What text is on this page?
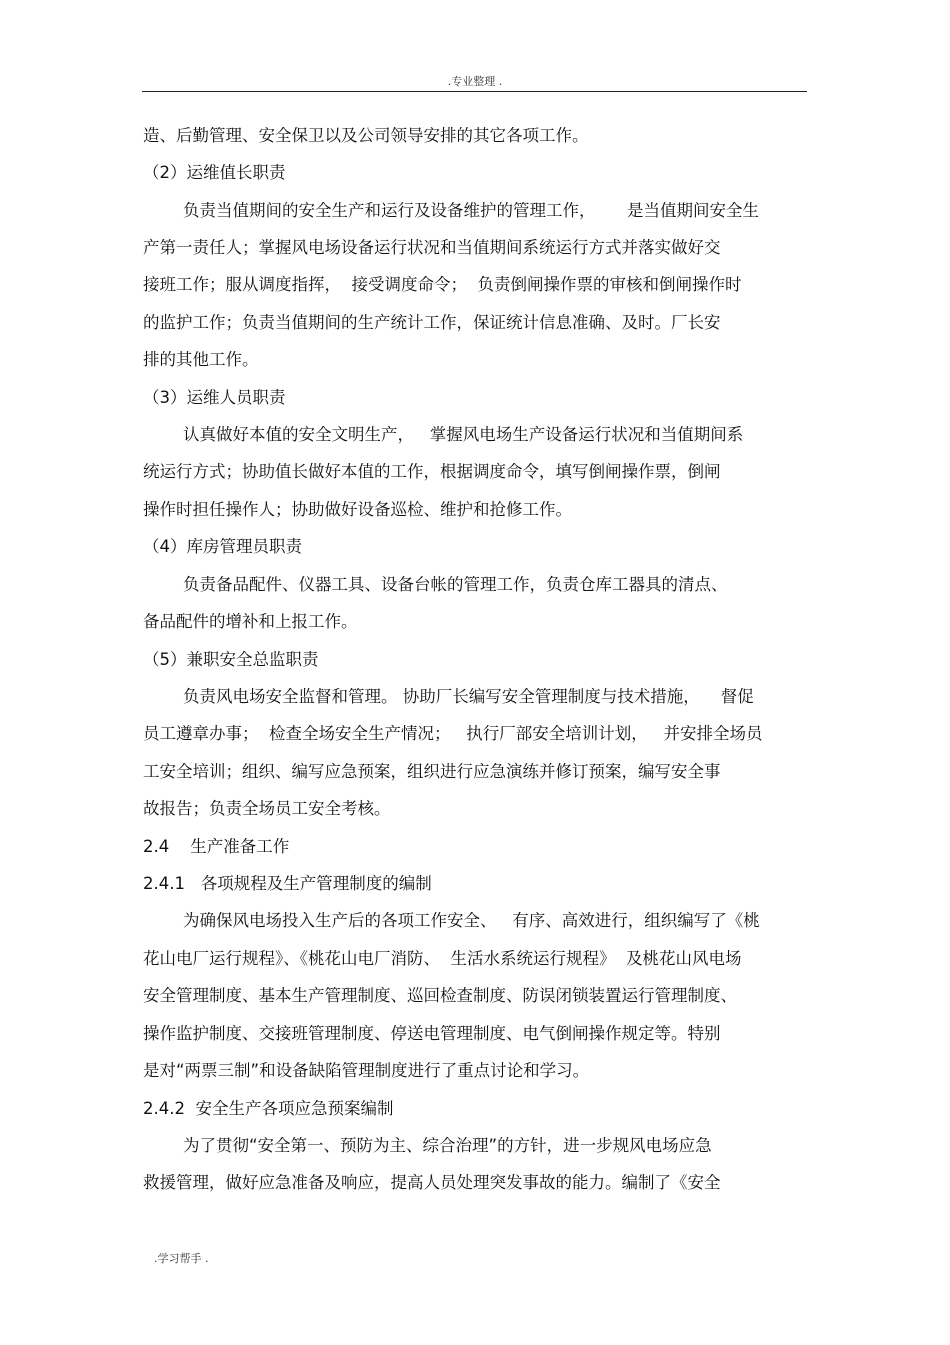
.专业整理 .
造、后勤管理、安全保卫以及公司领导安排的其它各项工作。
（2）运维值长职责
负责当值期间的安全生产和运行及设备维护的管理工作，      是当值期间安全生
产第一责任人；掌握风电场设备运行状况和当值期间系统运行方式并落实做好交
接班工作；服从调度指挥，  接受调度命令；  负责倒闸操作票的审核和倒闸操作时
的监护工作；负责当值期间的生产统计工作，保证统计信息准确、及时。厂长安
排的其他工作。
（3）运维人员职责
认真做好本值的安全文明生产，   掌握风电场生产设备运行状况和当值期间系
统运行方式；协助值长做好本值的工作，根据调度命令，填写倒闸操作票，倒闸
操作时担任操作人；协助做好设备巡检、维护和抢修工作。
（4）库房管理员职责
负责备品配件、仪器工具、设备台帐的管理工作，负责仓库工器具的清点、
备品配件的增补和上报工作。
（5）兼职安全总监职责
负责风电场安全监督和管理。 协助厂长编写安全管理制度与技术措施，    督促
员工遵章办事；  检查全场安全生产情况；   执行厂部安全培训计划，   并安排全场员
工安全培训；组织、编写应急预案，组织进行应急演练并修订预案，编写安全事
故报告；负责全场员工安全考核。
2.4    生产准备工作
2.4.1   各项规程及生产管理制度的编制
为确保风电场投入生产后的各项工作安全、   有序、高效进行，组织编写了《桃
花山电厂运行规程》、《桃花山电厂消防、  生活水系统运行规程》  及桃花山风电场
安全管理制度、基本生产管理制度、巡回检查制度、防误闭锁装置运行管理制度、
操作监护制度、交接班管理制度、停送电管理制度、电气倒闸操作规定等。特别
是对“两票三制”和设备缺陷管理制度进行了重点讨论和学习。
2.4.2  安全生产各项应急预案编制
为了贯彻“安全第一、预防为主、综合治理”的方针，进一步规风电场应急
救援管理，做好应急准备及响应，提高人员处理突发事故的能力。编制了《安全
.学习帮手 .
